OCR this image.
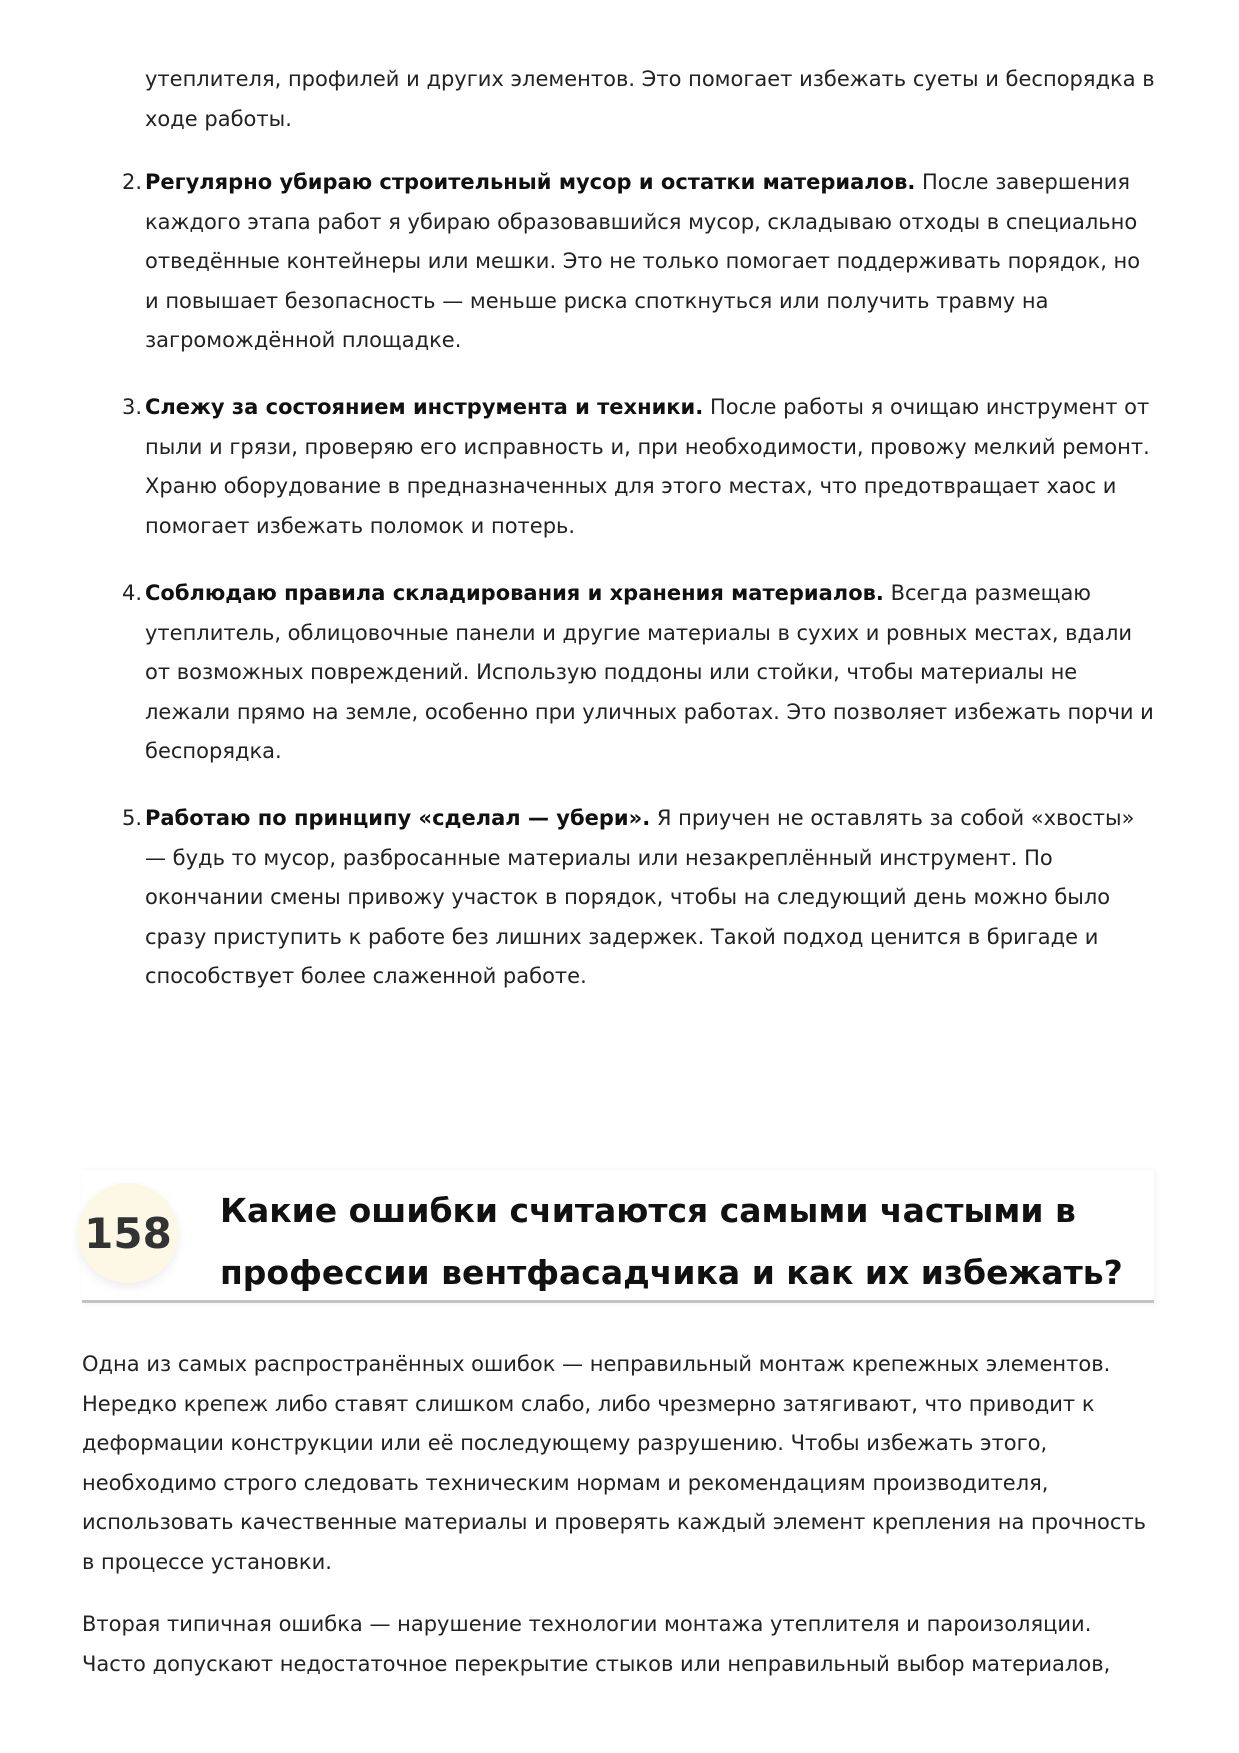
утеплителя, профилей и других элементов. Это помогает избежать суеты и беспорядка в ходе работы.
2. Регулярно убираю строительный мусор и остатки материалов. После завершения каждого этапа работ я убираю образовавшийся мусор, складываю отходы в специально отведённые контейнеры или мешки. Это не только помогает поддерживать порядок, но и повышает безопасность — меньше риска споткнуться или получить травму на загромождённой площадке.
3. Слежу за состоянием инструмента и техники. После работы я очищаю инструмент от пыли и грязи, проверяю его исправность и, при необходимости, провожу мелкий ремонт. Храню оборудование в предназначенных для этого местах, что предотвращает хаос и помогает избежать поломок и потерь.
4. Соблюдаю правила складирования и хранения материалов. Всегда размещаю утеплитель, облицовочные панели и другие материалы в сухих и ровных местах, вдали от возможных повреждений. Использую поддоны или стойки, чтобы материалы не лежали прямо на земле, особенно при уличных работах. Это позволяет избежать порчи и беспорядка.
5. Работаю по принципу «сделал — убери». Я приучен не оставлять за собой «хвосты» — будь то мусор, разбросанные материалы или незакреплённый инструмент. По окончании смены привожу участок в порядок, чтобы на следующий день можно было сразу приступить к работе без лишних задержек. Такой подход ценится в бригаде и способствует более слаженной работе.
158 Какие ошибки считаются самыми частыми в профессии вентфасадчика и как их избежать?
Одна из самых распространённых ошибок — неправильный монтаж крепежных элементов. Нередко крепеж либо ставят слишком слабо, либо чрезмерно затягивают, что приводит к деформации конструкции или её последующему разрушению. Чтобы избежать этого, необходимо строго следовать техническим нормам и рекомендациям производителя, использовать качественные материалы и проверять каждый элемент крепления на прочность в процессе установки.
Вторая типичная ошибка — нарушение технологии монтажа утеплителя и пароизоляции. Часто допускают недостаточное перекрытие стыков или неправильный выбор материалов,
